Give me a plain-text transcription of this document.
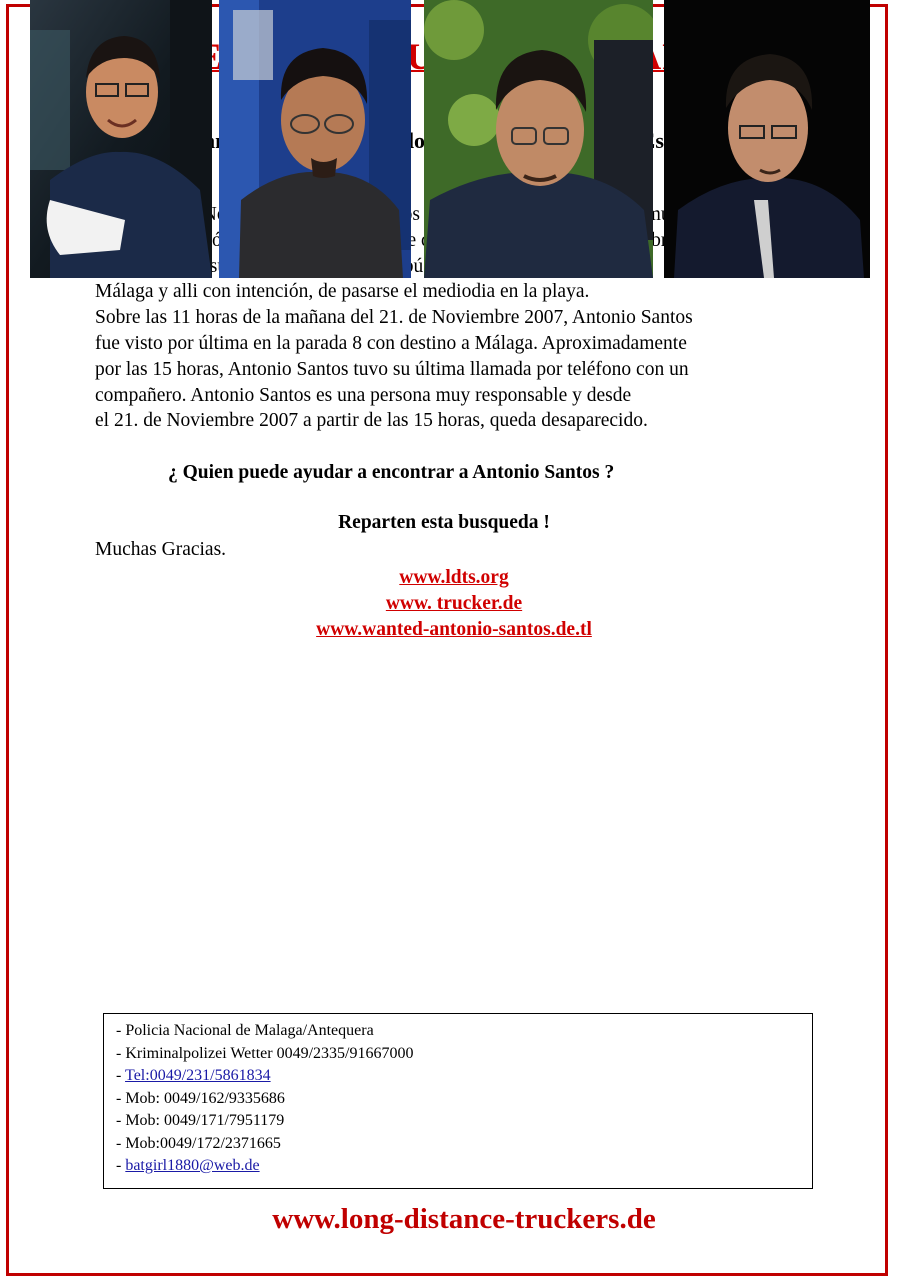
PORTUGUES
libre
su
Málaga y alli con intención, de pasarse el mediodia en la playa.
Sobre las 11 horas de la mañana del 21. de Noviembre 2007, Antonio Santos
fue visto por última en la parada 8 con destino a Málaga. Aproximadamente
por las 15 horas, Antonio Santos tuvo su última llamada por teléfono con un
compañero. Antonio Santos es una persona muy responsable y desde
el 21. de Noviembre 2007 a partir de las 15 horas, queda desaparecido.
¿ Quien puede ayudar a encontrar a Antonio Santos ?
Reparten esta busqueda !
Muchas Gracias.
www.ldts.org
www. trucker.de
www.wanted-antonio-santos.de.tl
- Policia Nacional de Malaga/Antequera
- Kriminalpolizei Wetter 0049/2335/91667000
- Tel:0049/231/5861834
- Mob: 0049/162/9335686
- Mob: 0049/171/7951179
- Mob:0049/172/2371665
- batgirl1880@web.de
www.long-distance-truckers.de
